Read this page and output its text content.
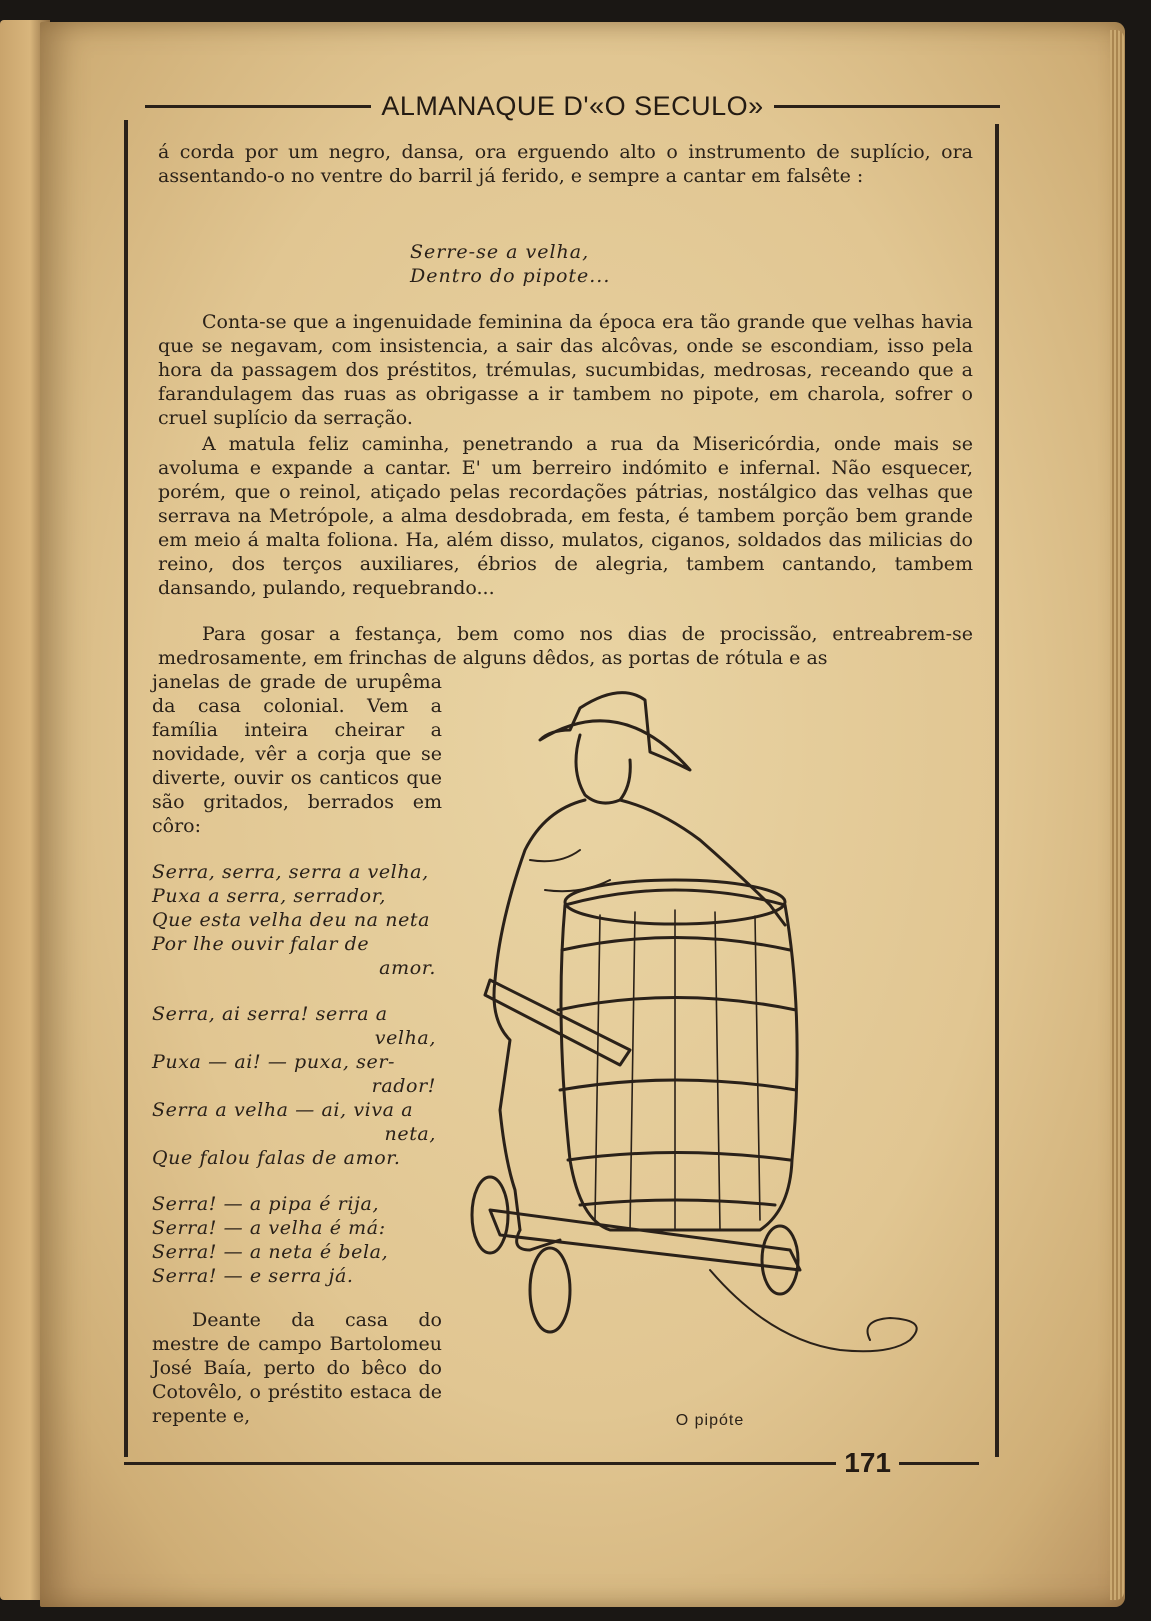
ALMANAQUE D'«O SECULO»
á corda por um negro, dansa, ora erguendo alto o instrumento de suplício, ora assentando-o no ventre do barril já ferido, e sempre a cantar em falsête :
Serre-se a velha,
Dentro do pipote...
Conta-se que a ingenuidade feminina da época era tão grande que velhas havia que se negavam, com insistencia, a sair das alcôvas, onde se escondiam, isso pela hora da passagem dos préstitos, trémulas, sucumbidas, medrosas, receando que a farandulagem das ruas as obrigasse a ir tambem no pipote, em charola, sofrer o cruel suplício da serração.
A matula feliz caminha, penetrando a rua da Misericórdia, onde mais se avoluma e expande a cantar. E' um berreiro indómito e infernal. Não esquecer, porém, que o reinol, atiçado pelas recordações pátrias, nostálgico das velhas que serrava na Metrópole, a alma desdobrada, em festa, é tambem porção bem grande em meio á malta foliona. Ha, além disso, mulatos, ciganos, soldados das milicias do reino, dos terços auxiliares, ébrios de alegria, tambem cantando, tambem dansando, pulando, requebrando...
Para gosar a festança, bem como nos dias de procissão, entreabrem-se medrosamente, em frinchas de alguns dêdos, as portas de rótula e as
janelas de grade de urupêma da casa colonial. Vem a família inteira cheirar a novidade, vêr a corja que se diverte, ouvir os canticos que são gritados, berrados em côro:
Serra, serra, serra a velha,
Puxa a serra, serrador,
Que esta velha deu na neta
Por lhe ouvir falar de
amor.
Serra, ai serra! serra a
velha,
Puxa — ai! — puxa, ser-
rador!
Serra a velha — ai, viva a
neta,
Que falou falas de amor.
Serra! — a pipa é rija,
Serra! — a velha é má:
Serra! — a neta é bela,
Serra! — e serra já.
Deante da casa do mestre de campo Bartolomeu José Baía, perto do bêco do Cotovêlo, o préstito estaca de repente e,	O pipóte
171
